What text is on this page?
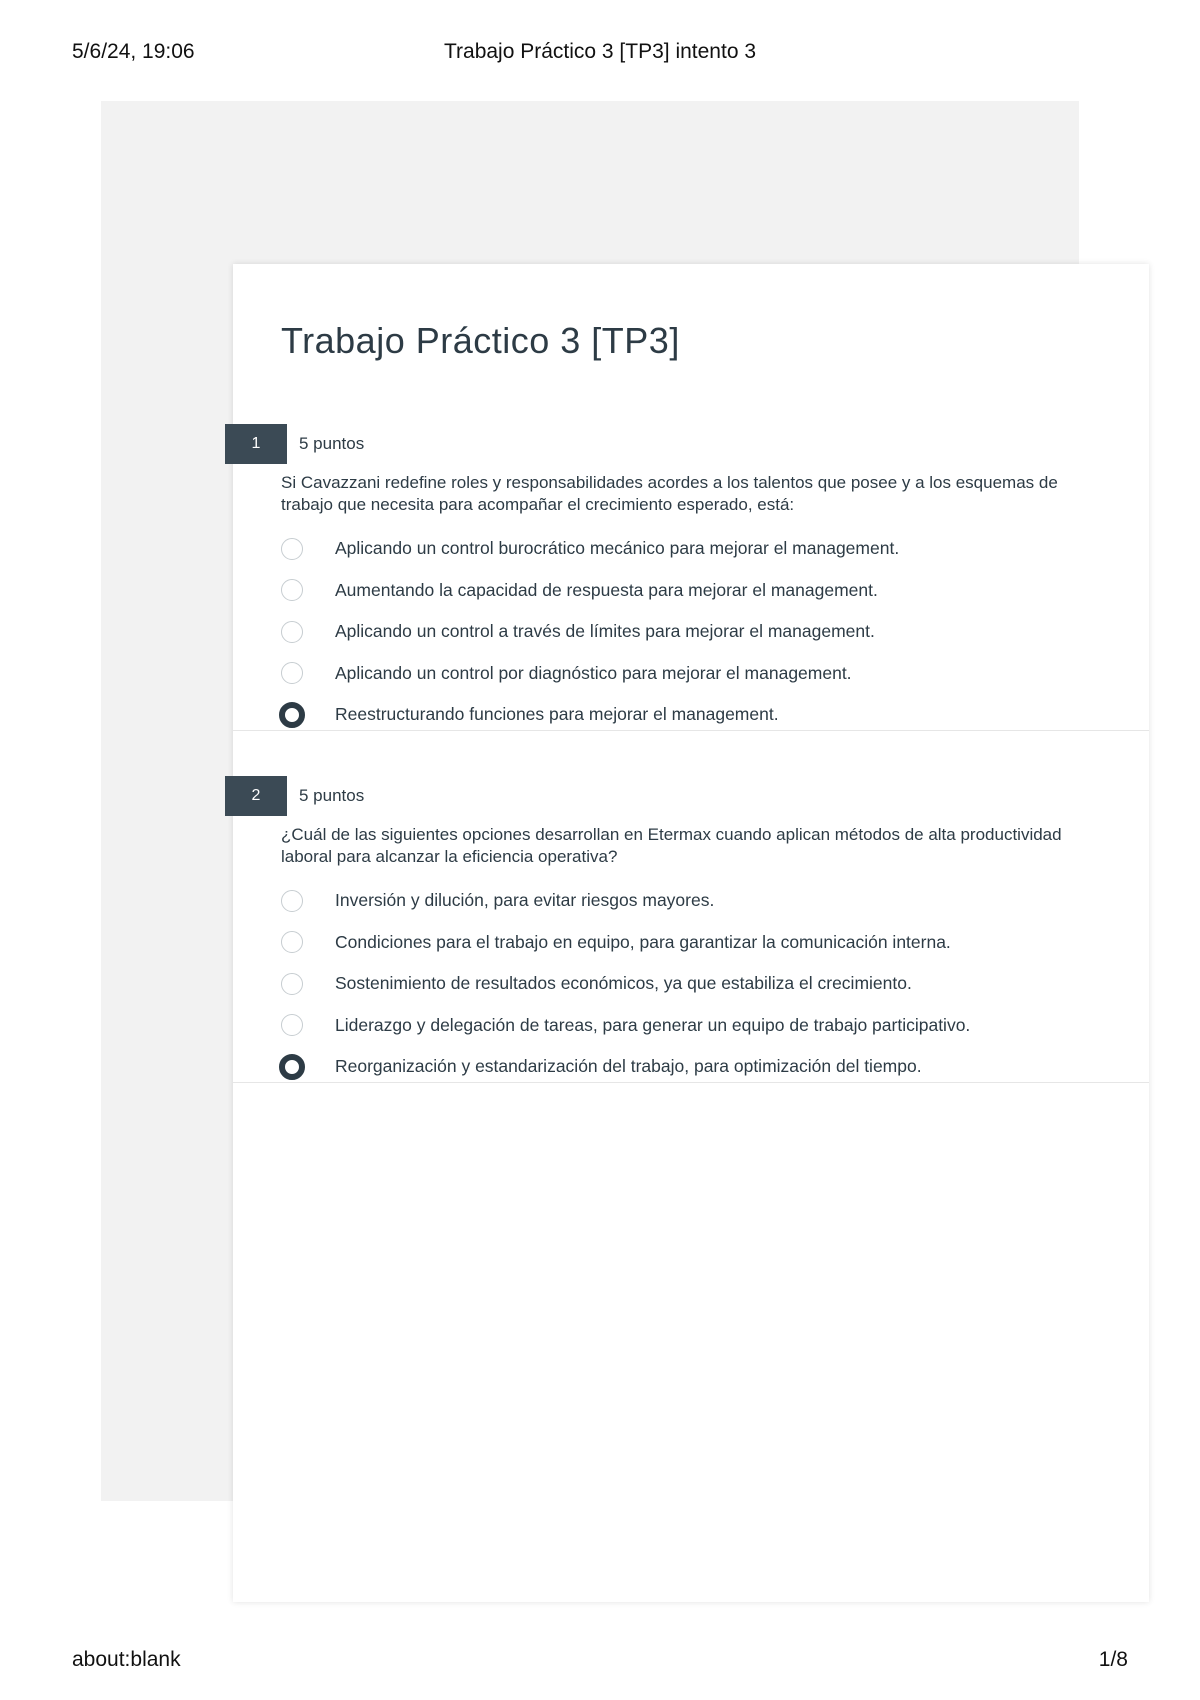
5/6/24, 19:06	Trabajo Práctico 3 [TP3] intento 3
Trabajo Práctico 3 [TP3]
1	5 puntos
Si Cavazzani redefine roles y responsabilidades acordes a los talentos que posee y a los esquemas de trabajo que necesita para acompañar el crecimiento esperado, está:
Aplicando un control burocrático mecánico para mejorar el management.
Aumentando la capacidad de respuesta para mejorar el management.
Aplicando un control a través de límites para mejorar el management.
Aplicando un control por diagnóstico para mejorar el management.
Reestructurando funciones para mejorar el management.
2	5 puntos
¿Cuál de las siguientes opciones desarrollan en Etermax cuando aplican métodos de alta productividad laboral para alcanzar la eficiencia operativa?
Inversión y dilución, para evitar riesgos mayores.
Condiciones para el trabajo en equipo, para garantizar la comunicación interna.
Sostenimiento de resultados económicos, ya que estabiliza el crecimiento.
Liderazgo y delegación de tareas, para generar un equipo de trabajo participativo.
Reorganización y estandarización del trabajo, para optimización del tiempo.
about:blank	1/8
